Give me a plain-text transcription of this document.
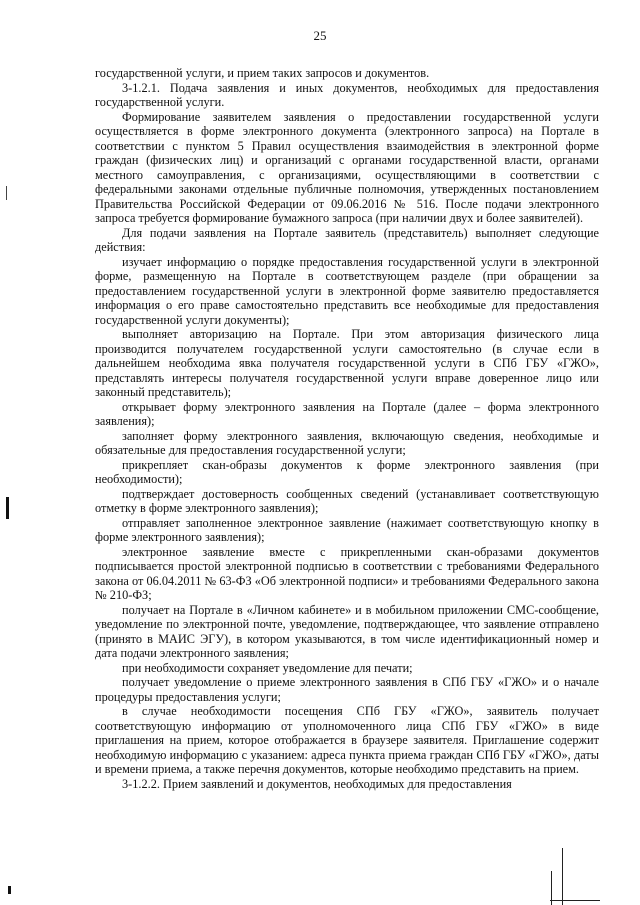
25

государственной услуги, и прием таких запросов и документов.

3-1.2.1. Подача заявления и иных документов, необходимых для предоставления государственной услуги.

Формирование заявителем заявления о предоставлении государственной услуги осуществляется в форме электронного документа (электронного запроса) на Портале в соответствии с пунктом 5 Правил осуществления взаимодействия в электронной форме граждан (физических лиц) и организаций с органами государственной власти, органами местного самоуправления, с организациями, осуществляющими в соответствии с федеральными законами отдельные публичные полномочия, утвержденных постановлением Правительства Российской Федерации от 09.06.2016 № 516. После подачи электронного запроса требуется формирование бумажного запроса (при наличии двух и более заявителей).

Для подачи заявления на Портале заявитель (представитель) выполняет следующие действия:

изучает информацию о порядке предоставления государственной услуги в электронной форме, размещенную на Портале в соответствующем разделе (при обращении за предоставлением государственной услуги в электронной форме заявителю предоставляется информация о его праве самостоятельно представить все необходимые для предоставления государственной услуги документы);

выполняет авторизацию на Портале. При этом авторизация физического лица производится получателем государственной услуги самостоятельно (в случае если в дальнейшем необходима явка получателя государственной услуги в СПб ГБУ «ГЖО», представлять интересы получателя государственной услуги вправе доверенное лицо или законный представитель);

открывает форму электронного заявления на Портале (далее – форма электронного заявления);

заполняет форму электронного заявления, включающую сведения, необходимые и обязательные для предоставления государственной услуги;

прикрепляет скан-образы документов к форме электронного заявления (при необходимости);

подтверждает достоверность сообщенных сведений (устанавливает соответствующую отметку в форме электронного заявления);

отправляет заполненное электронное заявление (нажимает соответствующую кнопку в форме электронного заявления);

электронное заявление вместе с прикрепленными скан-образами документов подписывается простой электронной подписью в соответствии с требованиями Федерального закона от 06.04.2011 № 63-ФЗ «Об электронной подписи» и требованиями Федерального закона № 210-ФЗ;

получает на Портале в «Личном кабинете» и в мобильном приложении СМС-сообщение, уведомление по электронной почте, уведомление, подтверждающее, что заявление отправлено (принято в МАИС ЭГУ), в котором указываются, в том числе идентификационный номер и дата подачи электронного заявления;

при необходимости сохраняет уведомление для печати;

получает уведомление о приеме электронного заявления в СПб ГБУ «ГЖО» и о начале процедуры предоставления услуги;

в случае необходимости посещения СПб ГБУ «ГЖО», заявитель получает соответствующую информацию от уполномоченного лица СПб ГБУ «ГЖО» в виде приглашения на прием, которое отображается в браузере заявителя. Приглашение содержит необходимую информацию с указанием: адреса пункта приема граждан СПб ГБУ «ГЖО», даты и времени приема, а также перечня документов, которые необходимо представить на прием.

3-1.2.2. Прием заявлений и документов, необходимых для предоставления
